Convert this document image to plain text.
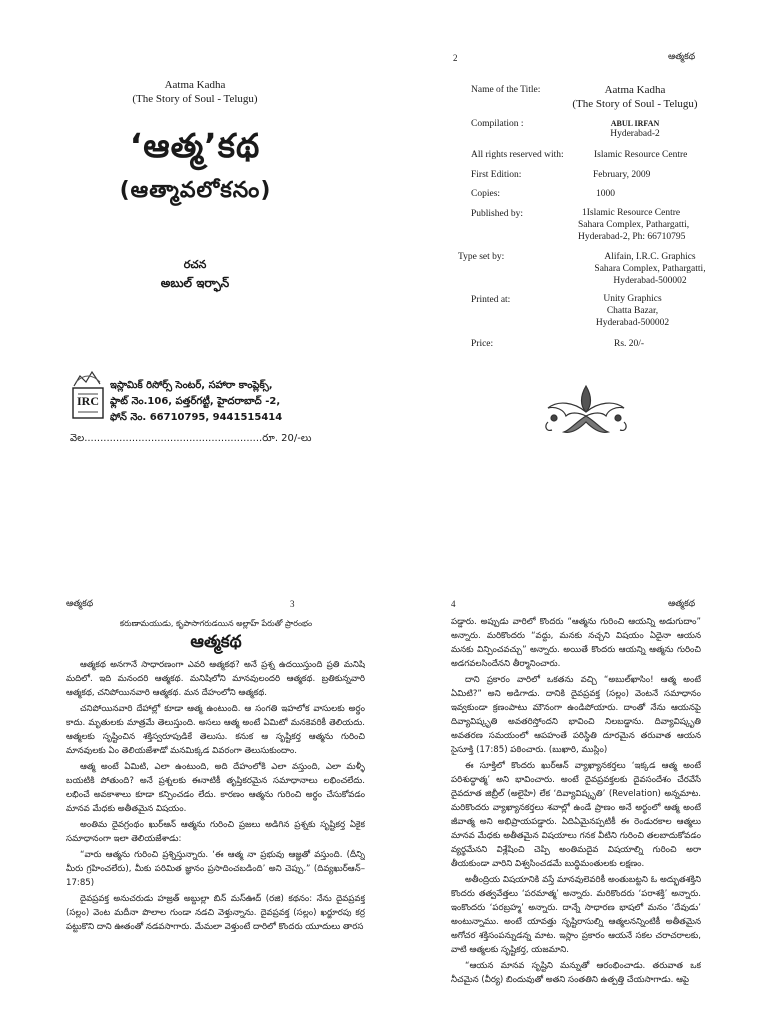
Aatma Kadha
(The Story of Soul - Telugu)
‘ఆత్మ’కథ
(ఆత్మావలోకనం)
రచన
అబుల్ ఇర్ఫాన్
IRC
ఇస్లామిక్ రిసోర్స్ సెంటర్, సహారా కాంప్లెక్స్,
ఫ్లాట్ నెం.106, పత్తర్‌గట్టీ, హైదరాబాద్ -2,
ఫోన్ నెం. 66710795, 9441515414
వెల........................................................రూ. 20/-లు
2	ఆత్మకథ
Name of the Title:	Aatma Kadha
(The Story of Soul - Telugu)
Compilation :	ABUL IRFAN
Hyderabad-2
All rights reserved with:	Islamic Resource Centre
First Edition:	February, 2009
Copies:	1000
Published by:	1Islamic Resource Centre
Sahara Complex, Pathargatti,
Hyderabad-2, Ph: 66710795
Type set by:	Alifain, I.R.C. Graphics
Sahara Complex, Pathargatti,
Hyderabad-500002
Printed at:	Unity Graphics
Chatta Bazar,
Hyderabad-500002
Price:	Rs. 20/-
ఆత్మకథ	3
కరుణామయుడు, కృపాసాగరుడయిన అల్లాహ్ పేరుతో ప్రారంభం
ఆత్మకథ

ఆత్మకథ అనగానే సాధారణంగా ఎవరి ఆత్మకథ? అనే ప్రశ్న ఉదయిస్తుంది ప్రతి మనిషి మదిలో. ఇది మనందరి ఆత్మకథ. మనిషిలోని మానవులందరి ఆత్మకథ. బ్రతికున్నవారి ఆత్మకథ, చనిపోయినవారి ఆత్మకథ. మన దేహంలోని ఆత్మకథ.

చనిపోయినవారి దేహాల్లో కూడా ఆత్మ ఉంటుంది. ఆ సంగతి ఇహలోక వాసులకు అర్థం కాదు. మృతులకు మాత్రమే తెలుస్తుంది. అసలు ఆత్మ అంటే ఏమిటో మనకెవరికీ తెలియదు. ఆత్మలకు సృష్టించిన శక్తిస్వరూపుడికే తెలుసు. కనుక ఆ సృష్టికర్త ఆత్మను గురించి మానవులకు ఏం తెలియజేశాడో మనమిక్కడ వివరంగా తెలుసుకుందాం.

ఆత్మ అంటే ఏమిటి, ఎలా ఉంటుంది, అది దేహంలోకి ఎలా వస్తుంది, ఎలా మళ్ళీ బయటికి పోతుంది? అనే ప్రశ్నలకు ఈనాటికీ తృప్తికరమైన సమాధానాలు లభించలేదు. లభించే అవకాశాలు కూడా కన్పించడం లేదు. కారణం ఆత్మను గురించి అర్థం చేసుకోవడం మానవ మేధకు అతీతమైన విషయం.

అంతిమ దైవగ్రంథం ఖుర్ఆన్ ఆత్మను గురించి ప్రజలు అడిగిన ప్రశ్నకు సృష్టికర్త ఏకైక సమాధానంగా ఇలా తెలియజేశాడు:

“వారు ఆత్మను గురించి ప్రశ్నిస్తున్నారు. ‘ఈ ఆత్మ నా ప్రభువు ఆజ్ఞతో వస్తుంది. (దీన్ని మీరు గ్రహించలేరు), మీకు పరిమిత జ్ఞానం ప్రసాదించబడింది’ అని చెప్పు.” (దివ్యఖుర్ఆన్–17:85)

దైవప్రవక్త అనుచరుడు హజ్రత్ అబ్దుల్లా బిన్ మస్ఊద్ (రజి) కథనం: నేను దైవప్రవక్త (సల్లం) వెంట మదీనా పొలాల గుండా నడచి వెళ్తున్నాను. దైవప్రవక్త (సల్లం) ఖర్జూరపు కర్ర పట్టుకొని దాని ఊతంతో నడవసాగారు. మేమలా వెళ్తుంటే దారిలో కొందరు యూదులు తారస

4	ఆత్మకథ

పడ్డారు. అప్పుడు వారిలో కొందరు “ఆత్మను గురించి ఆయన్ని అడుగుదాం” అన్నారు. మరికొందరు “వద్దు, మనకు నచ్చని విషయం ఏదైనా ఆయన మనకు విన్పించవచ్చు” అన్నారు. అయితే కొందరు ఆయన్ని ఆత్మను గురించి అడగవలసిందేనని తీర్మానించారు.

దాని ప్రకారం వారిలో ఒకతను వచ్చి “అబుల్‌ఖాసిం! ఆత్మ అంటే ఏమిటి?” అని అడిగాడు. దానికి దైవప్రవక్త (సల్లం) వెంటనే సమాధానం ఇవ్వకుండా క్రణంపాటు మౌనంగా ఉండిపోయారు. దాంతో నేను ఆయనపై దివ్యావిష్కృతి అవతరిస్తోందని భావించి నిలబడ్డాను. దివ్యావిష్కృతి అవతరణ సమయంలో ఆపహంతే పరిస్థితి దూరమైన తరువాత ఆయన సైసూక్తి (17:85) పఠించారు. (బుఖారి, ముస్లిం)

ఈ సూక్తిలో కొందరు ఖుర్ఆన్ వ్యాఖ్యానకర్తలు ‘ఇక్కడ ఆత్మ అంటే పరిశుద్ధాత్మ’ అని భావించారు. అంటే దైవప్రవక్తలకు దైవసందేశం చేరవేసే దైవదూత జిబ్రీల్ (అలైహి) లేక ‘దివ్యావిష్కృతి’ (Revelation) అన్నమాట. మరికొందరు వ్యాఖ్యానకర్తలు శవాల్లో ఉండే ప్రాణం అనే అర్థంలో ఆత్మ అంటే జీవాత్మ అని అభిప్రాయపడ్డారు. ఏదిఏమైనప్పటికీ ఈ రెండురకాల ఆత్మలు మానవ మేధకు అతీతమైన విషయాలు గనక వీటిని గురించి తలబాదుకోవడం వ్యర్థమేనని విశ్లేషించి చెప్పి అంతిమదైవ విషయాల్ని గురించి అరా తీయకుండా వారిని విశ్వసించడమే బుద్ధిమంతులకు లక్షణం.

అతీంద్రియ విషయానికి వస్తే మానవులెవరికీ అంతుబట్టని ఓ అద్భుతశక్తిని కొందరు తత్వవేత్తలు ‘పరమాత్మ’ అన్నారు. మరికొందరు ‘పరాశక్తి’ అన్నారు. ఇంకొందరు ‘పరబ్రహ్మ’ అన్నారు. దాన్నే సాధారణ భాషలో మనం ‘దేవుడు’ అంటున్నాము. అంటే యావత్తు సృష్టిరాసుల్ని ఆత్మలనన్నింటికీ అతీతమైన అగోచర శక్తిసంపన్నుడన్న మాట. ఇస్లాం ప్రకారం ఆయనే సకల చరాచరాలకు, వాటి ఆత్మలకు సృష్టికర్త, యజమాని.

“ఆయన మానవ సృష్టిని మన్నుతో ఆరంభించాడు. తరువాత ఒక నీచమైన (వీర్య) బిందువుతో అతని సంతతిని ఉత్పత్తి చేయసాగాడు. ఆపై
